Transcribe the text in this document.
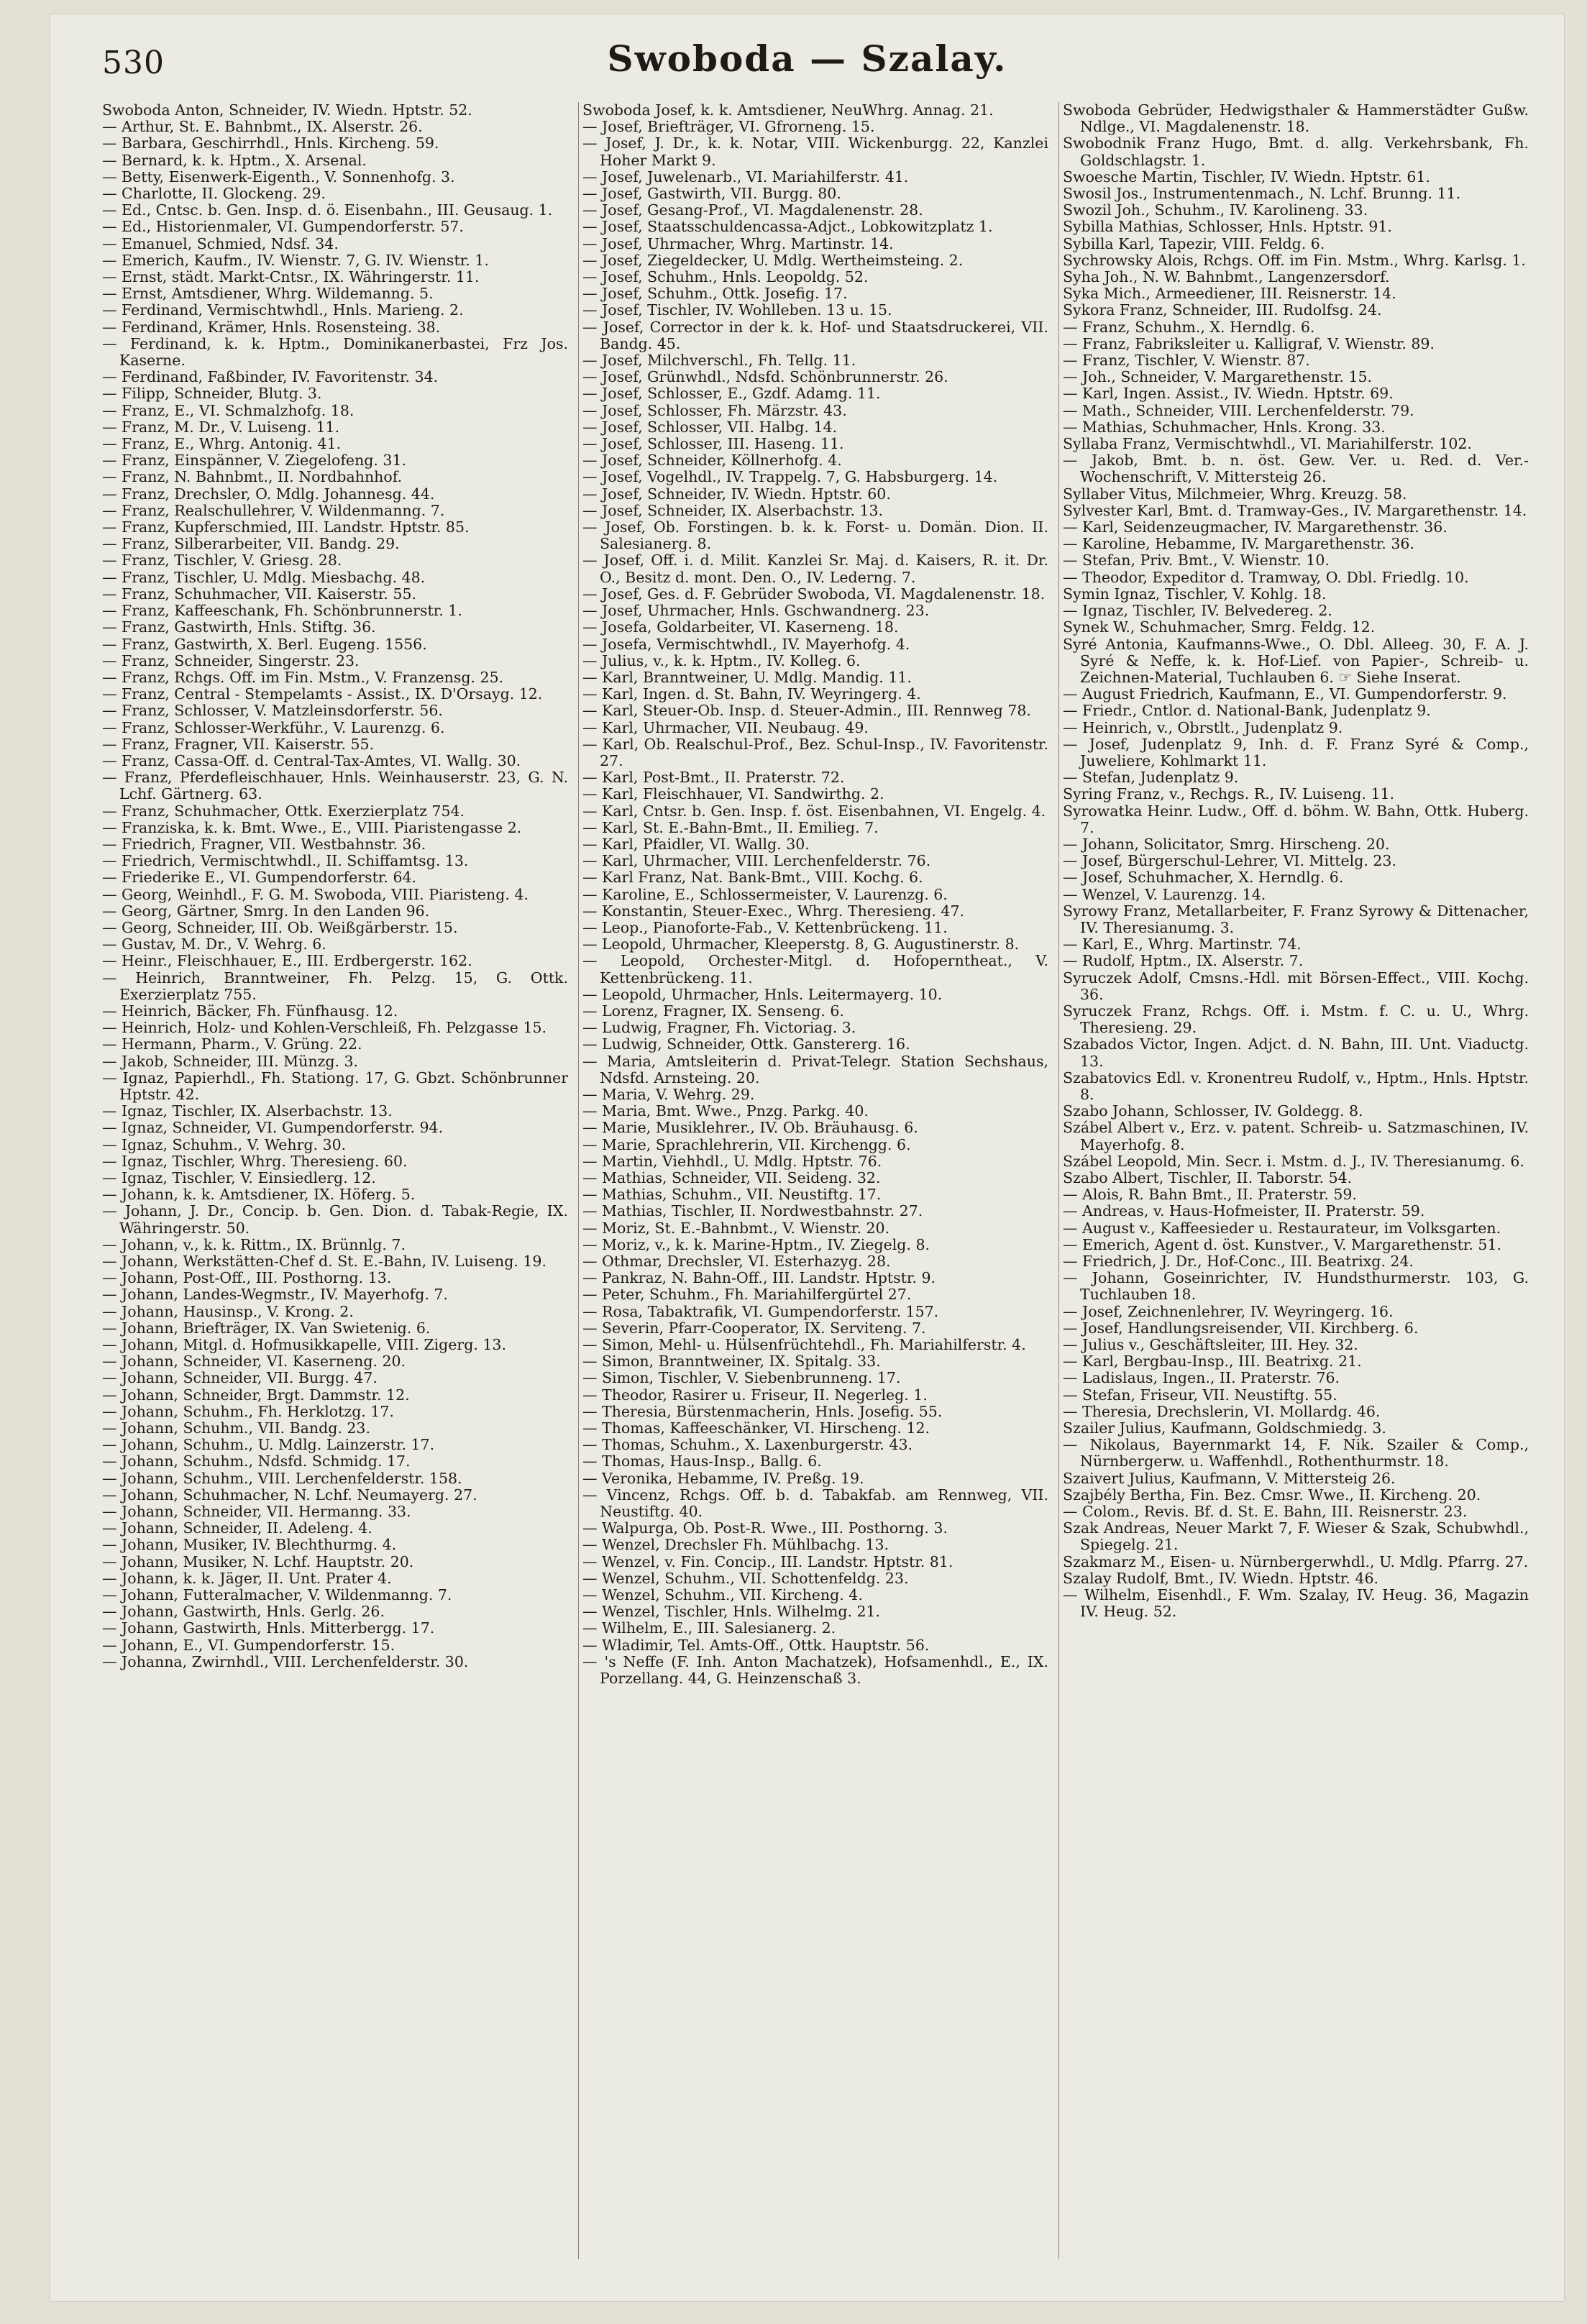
530	Swoboda — Szalay.

Swoboda Anton, Schneider, IV. Wiedn. Hptstr. 52.

— Arthur, St. E. Bahnbmt., IX. Alserstr. 26.

— Barbara, Geschirrhdl., Hnls. Kircheng. 59.

— Bernard, k. k. Hptm., X. Arsenal.

— Betty, Eisenwerk-Eigenth., V. Sonnenhofg. 3.

— Charlotte, II. Glockeng. 29.

— Ed., Cntsc. b. Gen. Insp. d. ö. Eisenbahn., III. Geusaug. 1.

— Ed., Historienmaler, VI. Gumpendorferstr. 57.

— Emanuel, Schmied, Ndsf. 34.

— Emerich, Kaufm., IV. Wienstr. 7, G. IV. Wienstr. 1.

— Ernst, städt. Markt-Cntsr., IX. Währingerstr. 11.

— Ernst, Amtsdiener, Whrg. Wildemanng. 5.

— Ferdinand, Vermischtwhdl., Hnls. Marieng. 2.

— Ferdinand, Krämer, Hnls. Rosensteing. 38.

— Ferdinand, k. k. Hptm., Dominikanerbastei, Frz Jos. Kaserne.

— Ferdinand, Faßbinder, IV. Favoritenstr. 34.

— Filipp, Schneider, Blutg. 3.

— Franz, E., VI. Schmalzhofg. 18.

— Franz, M. Dr., V. Luiseng. 11.

— Franz, E., Whrg. Antonig. 41.

— Franz, Einspänner, V. Ziegelofeng. 31.

— Franz, N. Bahnbmt., II. Nordbahnhof.

— Franz, Drechsler, O. Mdlg. Johannesg. 44.

— Franz, Realschullehrer, V. Wildenmanng. 7.

— Franz, Kupferschmied, III. Landstr. Hptstr. 85.

— Franz, Silberarbeiter, VII. Bandg. 29.

— Franz, Tischler, V. Griesg. 28.

— Franz, Tischler, U. Mdlg. Miesbachg. 48.

— Franz, Schuhmacher, VII. Kaiserstr. 55.

— Franz, Kaffeeschank, Fh. Schönbrunnerstr. 1.

— Franz, Gastwirth, Hnls. Stiftg. 36.

— Franz, Gastwirth, X. Berl. Eugeng. 1556.

— Franz, Schneider, Singerstr. 23.

— Franz, Rchgs. Off. im Fin. Mstm., V. Franzensg. 25.

— Franz, Central - Stempelamts - Assist., IX. D'Orsayg. 12.

— Franz, Schlosser, V. Matzleinsdorferstr. 56.

— Franz, Schlosser-Werkführ., V. Laurenzg. 6.

— Franz, Fragner, VII. Kaiserstr. 55.

— Franz, Cassa-Off. d. Central-Tax-Amtes, VI. Wallg. 30.

— Franz, Pferdefleischhauer, Hnls. Weinhauserstr. 23, G. N. Lchf. Gärtnerg. 63.

— Franz, Schuhmacher, Ottk. Exerzierplatz 754.

— Franziska, k. k. Bmt. Wwe., E., VIII. Piaristengasse 2.

— Friedrich, Fragner, VII. Westbahnstr. 36.

— Friedrich, Vermischtwhdl., II. Schiffamtsg. 13.

— Friederike E., VI. Gumpendorferstr. 64.

— Georg, Weinhdl., F. G. M. Swoboda, VIII. Piaristeng. 4.

— Georg, Gärtner, Smrg. In den Landen 96.

— Georg, Schneider, III. Ob. Weißgärberstr. 15.

— Gustav, M. Dr., V. Wehrg. 6.

— Heinr., Fleischhauer, E., III. Erdbergerstr. 162.

— Heinrich, Branntweiner, Fh. Pelzg. 15, G. Ottk. Exerzierplatz 755.

— Heinrich, Bäcker, Fh. Fünfhausg. 12.

— Heinrich, Holz- und Kohlen-Verschleiß, Fh. Pelzgasse 15.

— Hermann, Pharm., V. Grüng. 22.

— Jakob, Schneider, III. Münzg. 3.

— Ignaz, Papierhdl., Fh. Stationg. 17, G. Gbzt. Schönbrunner Hptstr. 42.

— Ignaz, Tischler, IX. Alserbachstr. 13.

— Ignaz, Schneider, VI. Gumpendorferstr. 94.

— Ignaz, Schuhm., V. Wehrg. 30.

— Ignaz, Tischler, Whrg. Theresieng. 60.

— Ignaz, Tischler, V. Einsiedlerg. 12.

— Johann, k. k. Amtsdiener, IX. Höferg. 5.

— Johann, J. Dr., Concip. b. Gen. Dion. d. Tabak-Regie, IX. Währingerstr. 50.

— Johann, v., k. k. Rittm., IX. Brünnlg. 7.

— Johann, Werkstätten-Chef d. St. E.-Bahn, IV. Luiseng. 19.

— Johann, Post-Off., III. Posthorng. 13.

— Johann, Landes-Wegmstr., IV. Mayerhofg. 7.

— Johann, Hausinsp., V. Krong. 2.

— Johann, Briefträger, IX. Van Swietenig. 6.

— Johann, Mitgl. d. Hofmusikkapelle, VIII. Zigerg. 13.

— Johann, Schneider, VI. Kaserneng. 20.

— Johann, Schneider, VII. Burgg. 47.

— Johann, Schneider, Brgt. Dammstr. 12.

— Johann, Schuhm., Fh. Herklotzg. 17.

— Johann, Schuhm., VII. Bandg. 23.

— Johann, Schuhm., U. Mdlg. Lainzerstr. 17.

— Johann, Schuhm., Ndsfd. Schmidg. 17.

— Johann, Schuhm., VIII. Lerchenfelderstr. 158.

— Johann, Schuhmacher, N. Lchf. Neumayerg. 27.

— Johann, Schneider, VII. Hermanng. 33.

— Johann, Schneider, II. Adeleng. 4.

— Johann, Musiker, IV. Blechthurmg. 4.

— Johann, Musiker, N. Lchf. Hauptstr. 20.

— Johann, k. k. Jäger, II. Unt. Prater 4.

— Johann, Futteralmacher, V. Wildenmanng. 7.

— Johann, Gastwirth, Hnls. Gerlg. 26.

— Johann, Gastwirth, Hnls. Mitterbergg. 17.

— Johann, E., VI. Gumpendorferstr. 15.

— Johanna, Zwirnhdl., VIII. Lerchenfelderstr. 30.

Swoboda Josef, k. k. Amtsdiener, NeuWhrg. Annag. 21.

— Josef, Briefträger, VI. Gfrorneng. 15.

— Josef, J. Dr., k. k. Notar, VIII. Wickenburgg. 22, Kanzlei Hoher Markt 9.

— Josef, Juwelenarb., VI. Mariahilferstr. 41.

— Josef, Gastwirth, VII. Burgg. 80.

— Josef, Gesang-Prof., VI. Magdalenenstr. 28.

— Josef, Staatsschuldencassa-Adjct., Lobkowitzplatz 1.

— Josef, Uhrmacher, Whrg. Martinstr. 14.

— Josef, Ziegeldecker, U. Mdlg. Wertheimsteing. 2.

— Josef, Schuhm., Hnls. Leopoldg. 52.

— Josef, Schuhm., Ottk. Josefig. 17.

— Josef, Tischler, IV. Wohlleben. 13 u. 15.

— Josef, Corrector in der k. k. Hof- und Staatsdruckerei, VII. Bandg. 45.

— Josef, Milchverschl., Fh. Tellg. 11.

— Josef, Grünwhdl., Ndsfd. Schönbrunnerstr. 26.

— Josef, Schlosser, E., Gzdf. Adamg. 11.

— Josef, Schlosser, Fh. Märzstr. 43.

— Josef, Schlosser, VII. Halbg. 14.

— Josef, Schlosser, III. Haseng. 11.

— Josef, Schneider, Köllnerhofg. 4.

— Josef, Vogelhdl., IV. Trappelg. 7, G. Habsburgerg. 14.

— Josef, Schneider, IV. Wiedn. Hptstr. 60.

— Josef, Schneider, IX. Alserbachstr. 13.

— Josef, Ob. Forstingen. b. k. k. Forst- u. Domän. Dion. II. Salesianerg. 8.

— Josef, Off. i. d. Milit. Kanzlei Sr. Maj. d. Kaisers, R. it. Dr. O., Besitz d. mont. Den. O., IV. Lederng. 7.

— Josef, Ges. d. F. Gebrüder Swoboda, VI. Magdalenenstr. 18.

— Josef, Uhrmacher, Hnls. Gschwandnerg. 23.

— Josefa, Goldarbeiter, VI. Kaserneng. 18.

— Josefa, Vermischtwhdl., IV. Mayerhofg. 4.

— Julius, v., k. k. Hptm., IV. Kolleg. 6.

— Karl, Branntweiner, U. Mdlg. Mandig. 11.

— Karl, Ingen. d. St. Bahn, IV. Weyringerg. 4.

— Karl, Steuer-Ob. Insp. d. Steuer-Admin., III. Rennweg 78.

— Karl, Uhrmacher, VII. Neubaug. 49.

— Karl, Ob. Realschul-Prof., Bez. Schul-Insp., IV. Favoritenstr. 27.

— Karl, Post-Bmt., II. Praterstr. 72.

— Karl, Fleischhauer, VI. Sandwirthg. 2.

— Karl, Cntsr. b. Gen. Insp. f. öst. Eisenbahnen, VI. Engelg. 4.

— Karl, St. E.-Bahn-Bmt., II. Emilieg. 7.

— Karl, Pfaidler, VI. Wallg. 30.

— Karl, Uhrmacher, VIII. Lerchenfelderstr. 76.

— Karl Franz, Nat. Bank-Bmt., VIII. Kochg. 6.

— Karoline, E., Schlossermeister, V. Laurenzg. 6.

— Konstantin, Steuer-Exec., Whrg. Theresieng. 47.

— Leop., Pianoforte-Fab., V. Kettenbrückeng. 11.

— Leopold, Uhrmacher, Kleeperstg. 8, G. Augustinerstr. 8.

— Leopold, Orchester-Mitgl. d. Hofoperntheat., V. Kettenbrückeng. 11.

— Leopold, Uhrmacher, Hnls. Leitermayerg. 10.

— Lorenz, Fragner, IX. Senseng. 6.

— Ludwig, Fragner, Fh. Victoriag. 3.

— Ludwig, Schneider, Ottk. Ganstererg. 16.

— Maria, Amtsleiterin d. Privat-Telegr. Station Sechshaus, Ndsfd. Arnsteing. 20.

— Maria, V. Wehrg. 29.

— Maria, Bmt. Wwe., Pnzg. Parkg. 40.

— Marie, Musiklehrer., IV. Ob. Bräuhausg. 6.

— Marie, Sprachlehrerin, VII. Kirchengg. 6.

— Martin, Viehhdl., U. Mdlg. Hptstr. 76.

— Mathias, Schneider, VII. Seideng. 32.

— Mathias, Schuhm., VII. Neustiftg. 17.

— Mathias, Tischler, II. Nordwestbahnstr. 27.

— Moriz, St. E.-Bahnbmt., V. Wienstr. 20.

— Moriz, v., k. k. Marine-Hptm., IV. Ziegelg. 8.

— Othmar, Drechsler, VI. Esterhazyg. 28.

— Pankraz, N. Bahn-Off., III. Landstr. Hptstr. 9.

— Peter, Schuhm., Fh. Mariahilfergürtel 27.

— Rosa, Tabaktrafik, VI. Gumpendorferstr. 157.

— Severin, Pfarr-Cooperator, IX. Serviteng. 7.

— Simon, Mehl- u. Hülsenfrüchtehdl., Fh. Mariahilferstr. 4.

— Simon, Branntweiner, IX. Spitalg. 33.

— Simon, Tischler, V. Siebenbrunneng. 17.

— Theodor, Rasirer u. Friseur, II. Negerleg. 1.

— Theresia, Bürstenmacherin, Hnls. Josefig. 55.

— Thomas, Kaffeeschänker, VI. Hirscheng. 12.

— Thomas, Schuhm., X. Laxenburgerstr. 43.

— Thomas, Haus-Insp., Ballg. 6.

— Veronika, Hebamme, IV. Preßg. 19.

— Vincenz, Rchgs. Off. b. d. Tabakfab. am Rennweg, VII. Neustiftg. 40.

— Walpurga, Ob. Post-R. Wwe., III. Posthorng. 3.

— Wenzel, Drechsler Fh. Mühlbachg. 13.

— Wenzel, v. Fin. Concip., III. Landstr. Hptstr. 81.

— Wenzel, Schuhm., VII. Schottenfeldg. 23.

— Wenzel, Schuhm., VII. Kircheng. 4.

— Wenzel, Tischler, Hnls. Wilhelmg. 21.

— Wilhelm, E., III. Salesianerg. 2.

— Wladimir, Tel. Amts-Off., Ottk. Hauptstr. 56.

— 's Neffe (F. Inh. Anton Machatzek), Hofsamenhdl., E., IX. Porzellang. 44, G. Heinzenschaß 3.

Swoboda Gebrüder, Hedwigsthaler & Hammerstädter Gußw. Ndlge., VI. Magdalenenstr. 18.

Swobodnik Franz Hugo, Bmt. d. allg. Verkehrsbank, Fh. Goldschlagstr. 1.

Swoesche Martin, Tischler, IV. Wiedn. Hptstr. 61.

Swosil Jos., Instrumentenmach., N. Lchf. Brunng. 11.

Swozil Joh., Schuhm., IV. Karolineng. 33.

Sybilla Mathias, Schlosser, Hnls. Hptstr. 91.

Sybilla Karl, Tapezir, VIII. Feldg. 6.

Sychrowsky Alois, Rchgs. Off. im Fin. Mstm., Whrg. Karlsg. 1.

Syha Joh., N. W. Bahnbmt., Langenzersdorf.

Syka Mich., Armeediener, III. Reisnerstr. 14.

Sykora Franz, Schneider, III. Rudolfsg. 24.

— Franz, Schuhm., X. Herndlg. 6.

— Franz, Fabriksleiter u. Kalligraf, V. Wienstr. 89.

— Franz, Tischler, V. Wienstr. 87.

— Joh., Schneider, V. Margarethenstr. 15.

— Karl, Ingen. Assist., IV. Wiedn. Hptstr. 69.

— Math., Schneider, VIII. Lerchenfelderstr. 79.

— Mathias, Schuhmacher, Hnls. Krong. 33.

Syllaba Franz, Vermischtwhdl., VI. Mariahilferstr. 102.

— Jakob, Bmt. b. n. öst. Gew. Ver. u. Red. d. Ver.-Wochenschrift, V. Mittersteig 26.

Syllaber Vitus, Milchmeier, Whrg. Kreuzg. 58.

Sylvester Karl, Bmt. d. Tramway-Ges., IV. Margarethenstr. 14.

— Karl, Seidenzeugmacher, IV. Margarethenstr. 36.

— Karoline, Hebamme, IV. Margarethenstr. 36.

— Stefan, Priv. Bmt., V. Wienstr. 10.

— Theodor, Expeditor d. Tramway, O. Dbl. Friedlg. 10.

Symin Ignaz, Tischler, V. Kohlg. 18.

— Ignaz, Tischler, IV. Belvedereg. 2.

Synek W., Schuhmacher, Smrg. Feldg. 12.

Syré Antonia, Kaufmanns-Wwe., O. Dbl. Alleeg. 30, F. A. J. Syré & Neffe, k. k. Hof-Lief. von Papier-, Schreib- u. Zeichnen-Material, Tuchlauben 6. ☞ Siehe Inserat.

— August Friedrich, Kaufmann, E., VI. Gumpendorferstr. 9.

— Friedr., Cntlor. d. National-Bank, Judenplatz 9.

— Heinrich, v., Obrstlt., Judenplatz 9.

— Josef, Judenplatz 9, Inh. d. F. Franz Syré & Comp., Juweliere, Kohlmarkt 11.

— Stefan, Judenplatz 9.

Syring Franz, v., Rechgs. R., IV. Luiseng. 11.

Syrowatka Heinr. Ludw., Off. d. böhm. W. Bahn, Ottk. Huberg. 7.

— Johann, Solicitator, Smrg. Hirscheng. 20.

— Josef, Bürgerschul-Lehrer, VI. Mittelg. 23.

— Josef, Schuhmacher, X. Herndlg. 6.

— Wenzel, V. Laurenzg. 14.

Syrowy Franz, Metallarbeiter, F. Franz Syrowy & Dittenacher, IV. Theresianumg. 3.

— Karl, E., Whrg. Martinstr. 74.

— Rudolf, Hptm., IX. Alserstr. 7.

Syruczek Adolf, Cmsns.-Hdl. mit Börsen-Effect., VIII. Kochg. 36.

Syruczek Franz, Rchgs. Off. i. Mstm. f. C. u. U., Whrg. Theresieng. 29.

Szabados Victor, Ingen. Adjct. d. N. Bahn, III. Unt. Viaductg. 13.

Szabatovics Edl. v. Kronentreu Rudolf, v., Hptm., Hnls. Hptstr. 8.

Szabo Johann, Schlosser, IV. Goldegg. 8.

Szábel Albert v., Erz. v. patent. Schreib- u. Satzmaschinen, IV. Mayerhofg. 8.

Szábel Leopold, Min. Secr. i. Mstm. d. J., IV. Theresianumg. 6.

Szabo Albert, Tischler, II. Taborstr. 54.

— Alois, R. Bahn Bmt., II. Praterstr. 59.

— Andreas, v. Haus-Hofmeister, II. Praterstr. 59.

— August v., Kaffeesieder u. Restaurateur, im Volksgarten.

— Emerich, Agent d. öst. Kunstver., V. Margarethenstr. 51.

— Friedrich, J. Dr., Hof-Conc., III. Beatrixg. 24.

— Johann, Goseinrichter, IV. Hundsthurmerstr. 103, G. Tuchlauben 18.

— Josef, Zeichnenlehrer, IV. Weyringerg. 16.

— Josef, Handlungsreisender, VII. Kirchberg. 6.

— Julius v., Geschäftsleiter, III. Hey. 32.

— Karl, Bergbau-Insp., III. Beatrixg. 21.

— Ladislaus, Ingen., II. Praterstr. 76.

— Stefan, Friseur, VII. Neustiftg. 55.

— Theresia, Drechslerin, VI. Mollardg. 46.

Szailer Julius, Kaufmann, Goldschmiedg. 3.

— Nikolaus, Bayernmarkt 14, F. Nik. Szailer & Comp., Nürnbergerw. u. Waffenhdl., Rothenthurmstr. 18.

Szaivert Julius, Kaufmann, V. Mittersteig 26.

Szajbély Bertha, Fin. Bez. Cmsr. Wwe., II. Kircheng. 20.

— Colom., Revis. Bf. d. St. E. Bahn, III. Reisnerstr. 23.

Szak Andreas, Neuer Markt 7, F. Wieser & Szak, Schubwhdl., Spiegelg. 21.

Szakmarz M., Eisen- u. Nürnbergerwhdl., U. Mdlg. Pfarrg. 27.

Szalay Rudolf, Bmt., IV. Wiedn. Hptstr. 46.

— Wilhelm, Eisenhdl., F. Wm. Szalay, IV. Heug. 36, Magazin IV. Heug. 52.
